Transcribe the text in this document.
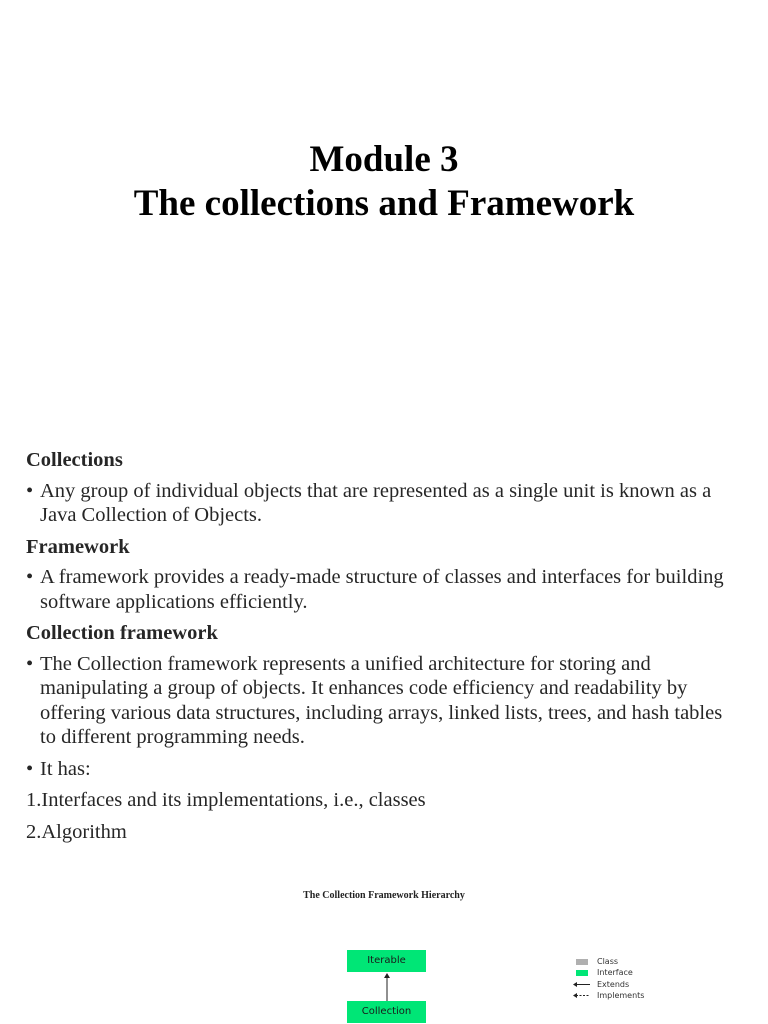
Module 3
The collections and Framework

Collections

• Any group of individual objects that are represented as a single unit is known as a Java Collection of Objects.

Framework

• A framework provides a ready-made structure of classes and interfaces for building software applications efficiently.

Collection framework

• The Collection framework represents a unified architecture for storing and manipulating a group of objects. It enhances code efficiency and readability by offering various data structures, including arrays, linked lists, trees, and hash tables to different programming needs.
• It has:
1.Interfaces and its implementations, i.e., classes
2.Algorithm
The Collection Framework Hierarchy
Iterable
Collection
Class
Interface
Extends
Implements
